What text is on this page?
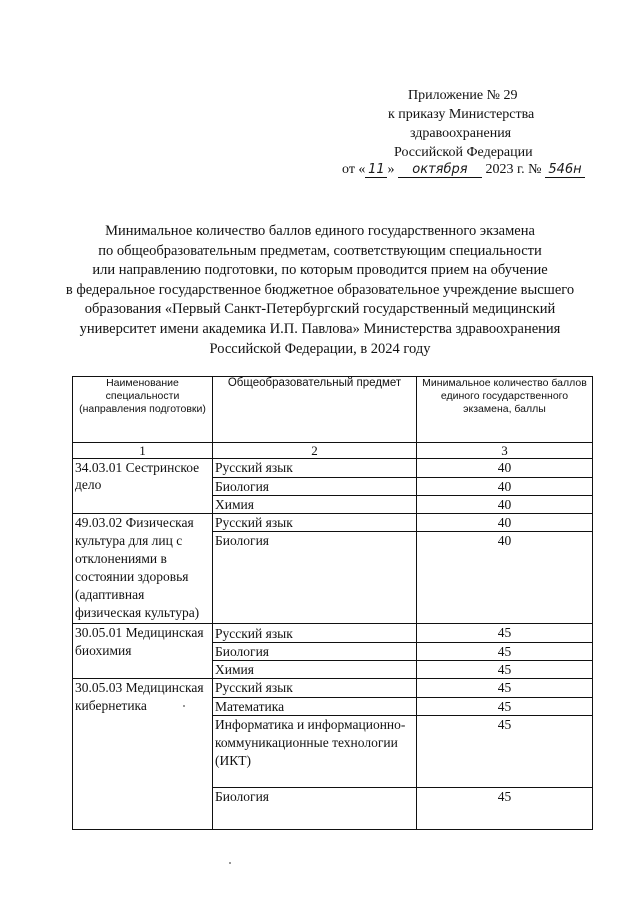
Приложение № 29
к приказу Министерства
здравоохранения
Российской Федерации
от « 11 » октября 2023 г. № 546н
Минимальное количество баллов единого государственного экзамена
по общеобразовательным предметам, соответствующим специальности
или направлению подготовки, по которым проводится прием на обучение
в федеральное государственное бюджетное образовательное учреждение высшего
образования «Первый Санкт-Петербургский государственный медицинский
университет имени академика И.П. Павлова» Министерства здравоохранения
Российской Федерации, в 2024 году
Наименование специальности (направления подготовки)	Общеобразовательный предмет	Минимальное количество баллов единого государственного экзамена, баллы
1	2	3
34.03.01 Сестринское дело	Русский язык	40
	Биология	40
	Химия	40
49.03.02 Физическая культура для лиц с отклонениями в состоянии здоровья (адаптивная физическая культура)	Русский язык	40
	Биология	40
30.05.01 Медицинская биохимия	Русский язык	45
	Биология	45
	Химия	45
30.05.03 Медицинская кибернетика	Русский язык	45
	Математика	45
	Информатика и информационно-коммуникационные технологии (ИКТ)	45
	Биология	45
